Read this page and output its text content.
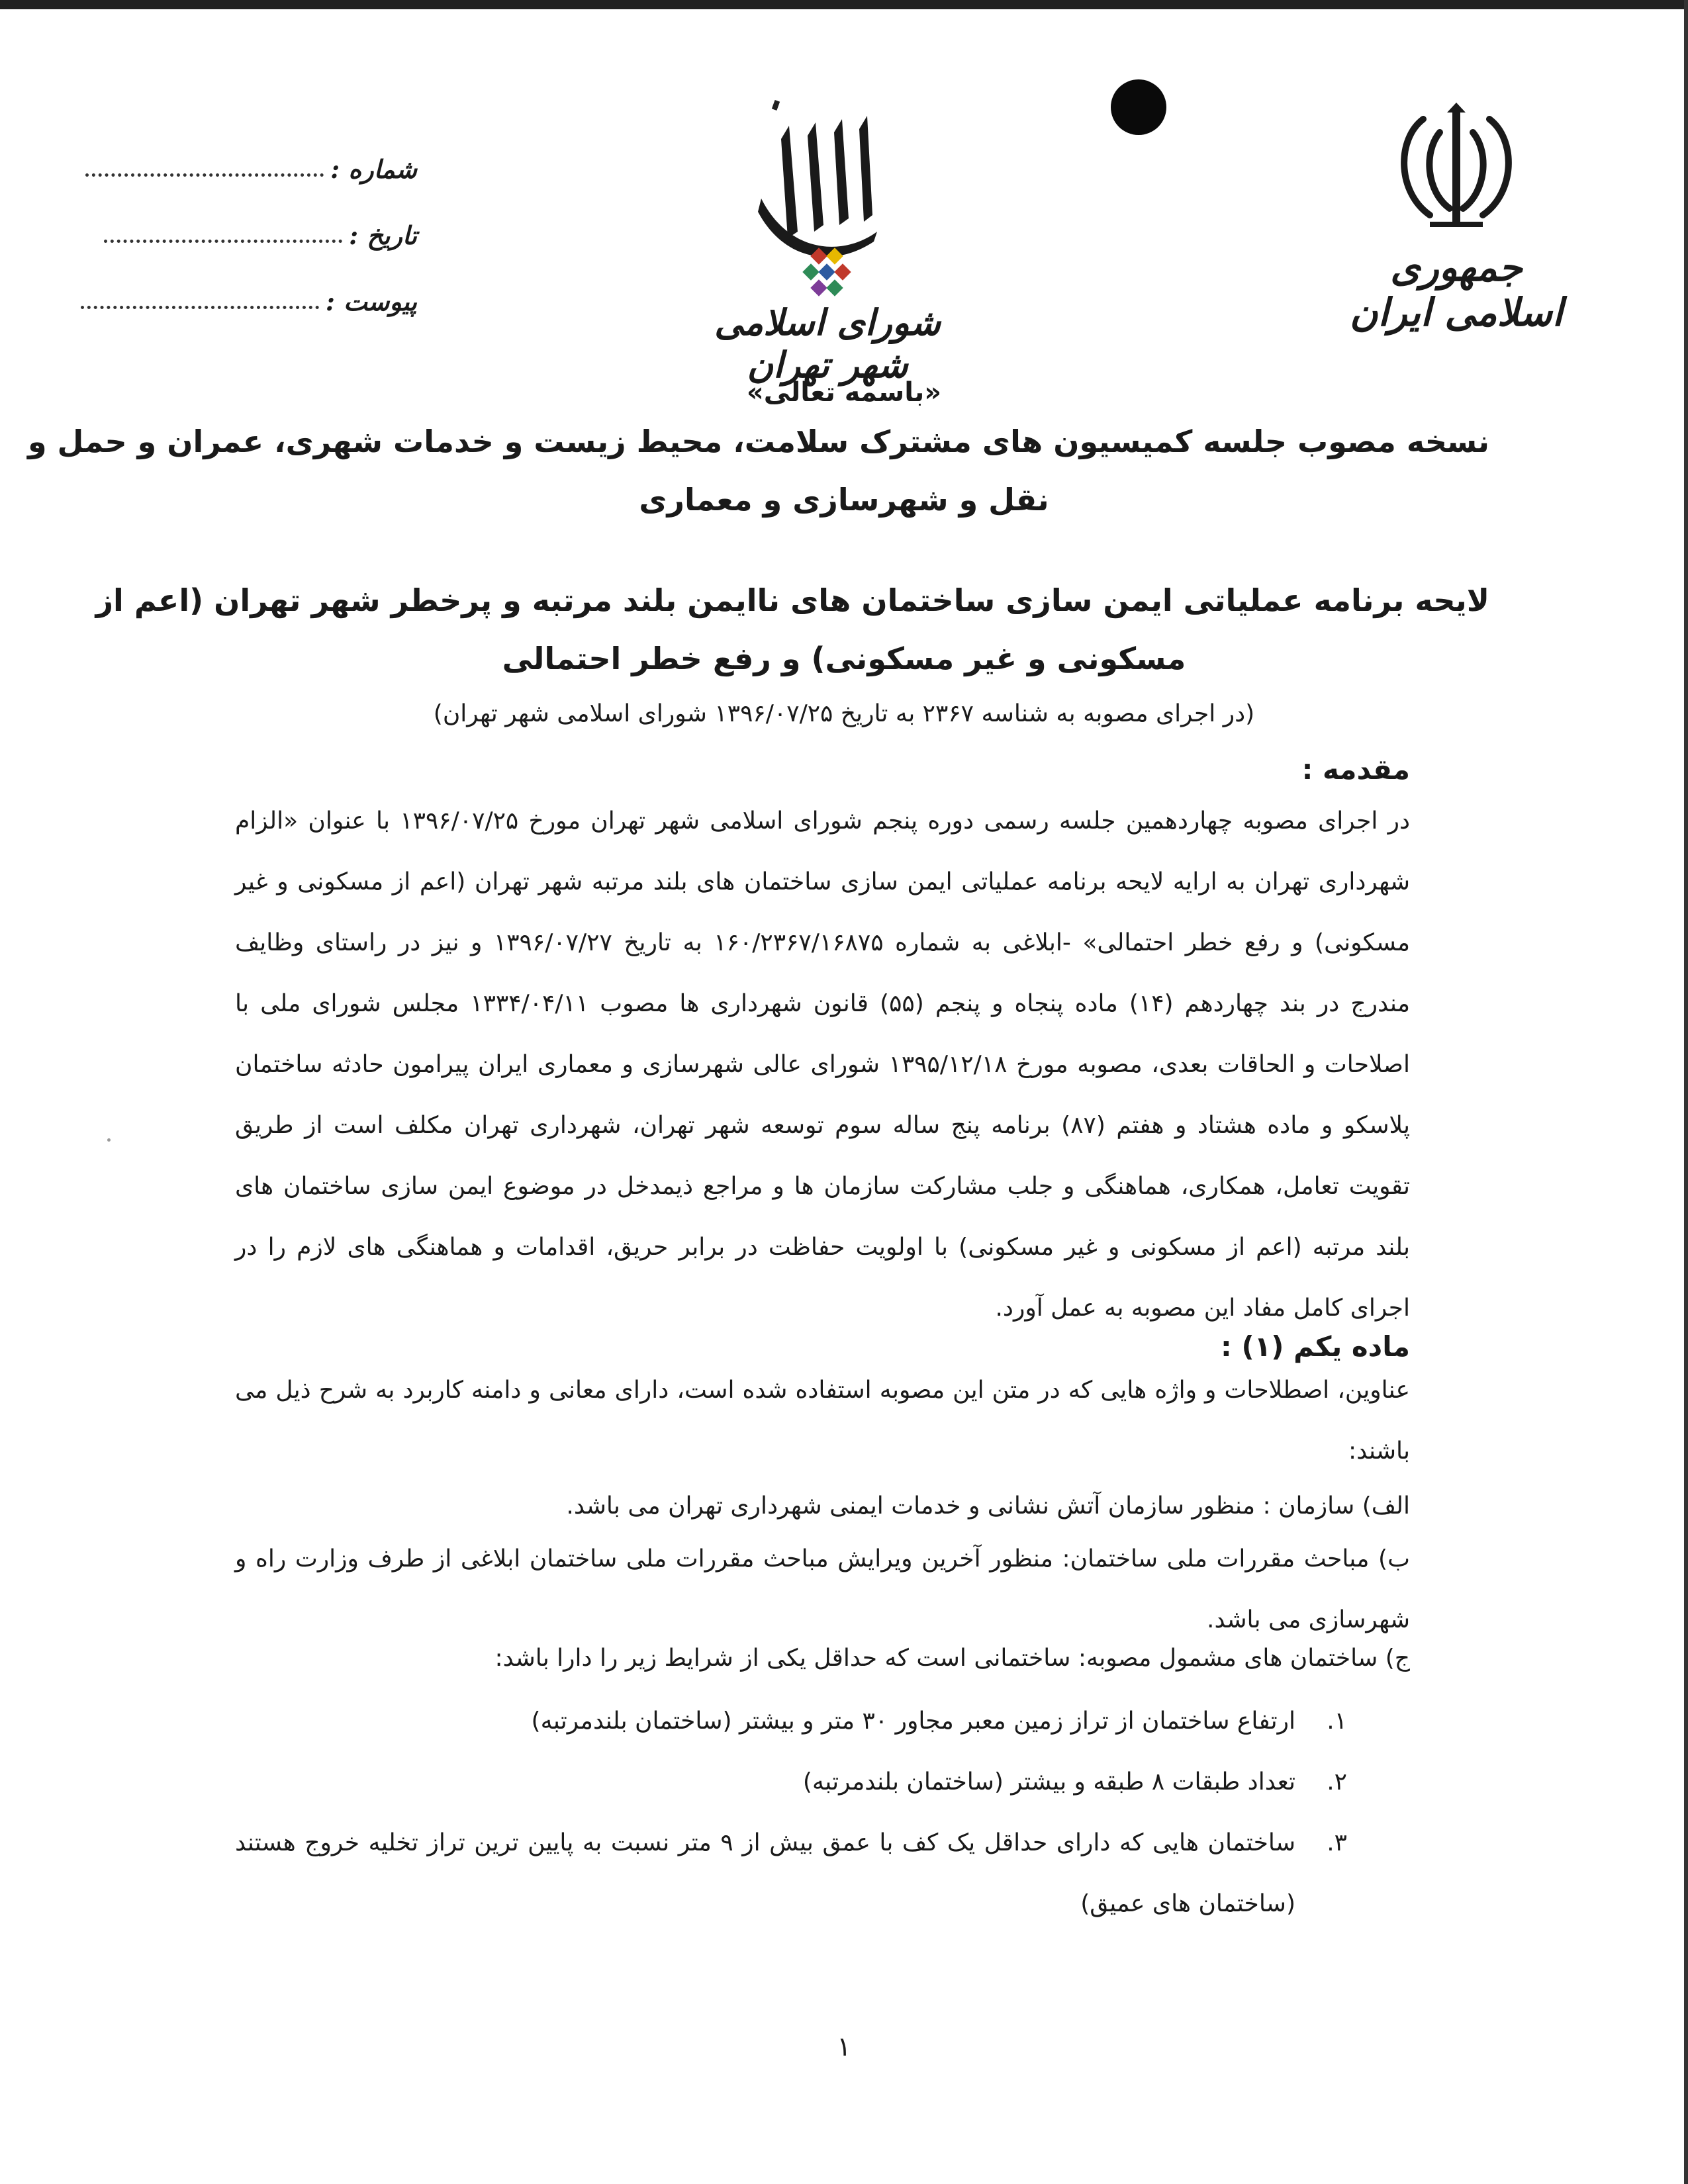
جمهوری اسلامی ایران
شورای اسلامی شهر تهران
شماره :
تاریخ :
پیوست :
«باسمه تعالی»
نسخه مصوب جلسه کمیسیون های مشترک سلامت، محیط زیست و خدمات شهری، عمران و حمل و
نقل و شهرسازی و معماری
لایحه برنامه عملیاتی ایمن سازی ساختمان های ناایمن بلند مرتبه و پرخطر شهر تهران (اعم از
مسکونی و غیر مسکونی) و رفع خطر احتمالی
(در اجرای مصوبه به شناسه ۲۳۶۷ به تاریخ ۱۳۹۶/۰۷/۲۵ شورای اسلامی شهر تهران)
مقدمه :
در اجرای مصوبه چهاردهمین جلسه رسمی دوره پنجم شورای اسلامی شهر تهران مورخ ۱۳۹۶/۰۷/۲۵ با عنوان «الزام شهرداری تهران به ارایه لایحه برنامه عملیاتی ایمن سازی ساختمان های بلند مرتبه شهر تهران (اعم از مسکونی و غیر مسکونی) و رفع خطر احتمالی» -ابلاغی به شماره ۱۶۰/۲۳۶۷/۱۶۸۷۵ به تاریخ ۱۳۹۶/۰۷/۲۷ و نیز در راستای وظایف مندرج در بند چهاردهم (۱۴) ماده پنجاه و پنجم (۵۵) قانون شهرداری ها مصوب ۱۳۳۴/۰۴/۱۱ مجلس شورای ملی با اصلاحات و الحاقات بعدی، مصوبه مورخ ۱۳۹۵/۱۲/۱۸ شورای عالی شهرسازی و معماری ایران پیرامون حادثه ساختمان پلاسکو و ماده هشتاد و هفتم (۸۷) برنامه پنج ساله سوم توسعه شهر تهران، شهرداری تهران مکلف است از طریق تقویت تعامل، همکاری، هماهنگی و جلب مشارکت سازمان ها و مراجع ذیمدخل در موضوع ایمن سازی ساختمان های بلند مرتبه (اعم از مسکونی و غیر مسکونی) با اولویت حفاظت در برابر حریق، اقدامات و هماهنگی های لازم را در اجرای کامل مفاد این مصوبه به عمل آورد.
ماده یکم (۱) :
عناوین، اصطلاحات و واژه هایی که در متن این مصوبه استفاده شده است، دارای معانی و دامنه کاربرد به شرح ذیل می باشند:
الف) سازمان : منظور سازمان آتش نشانی و خدمات ایمنی شهرداری تهران می باشد.
ب) مباحث مقررات ملی ساختمان: منظور آخرین ویرایش مباحث مقررات ملی ساختمان ابلاغی از طرف وزارت راه و شهرسازی می باشد.
ج) ساختمان های مشمول مصوبه: ساختمانی است که حداقل یکی از شرایط زیر را دارا باشد:
۱.
ارتفاع ساختمان از تراز زمین معبر مجاور ۳۰ متر و بیشتر (ساختمان بلندمرتبه)
۲.
تعداد طبقات ۸ طبقه و بیشتر (ساختمان بلندمرتبه)
۳.
ساختمان هایی که دارای حداقل یک کف با عمق بیش از ۹ متر نسبت به پایین ترین تراز تخلیه خروج هستند (ساختمان های عمیق)
۱
